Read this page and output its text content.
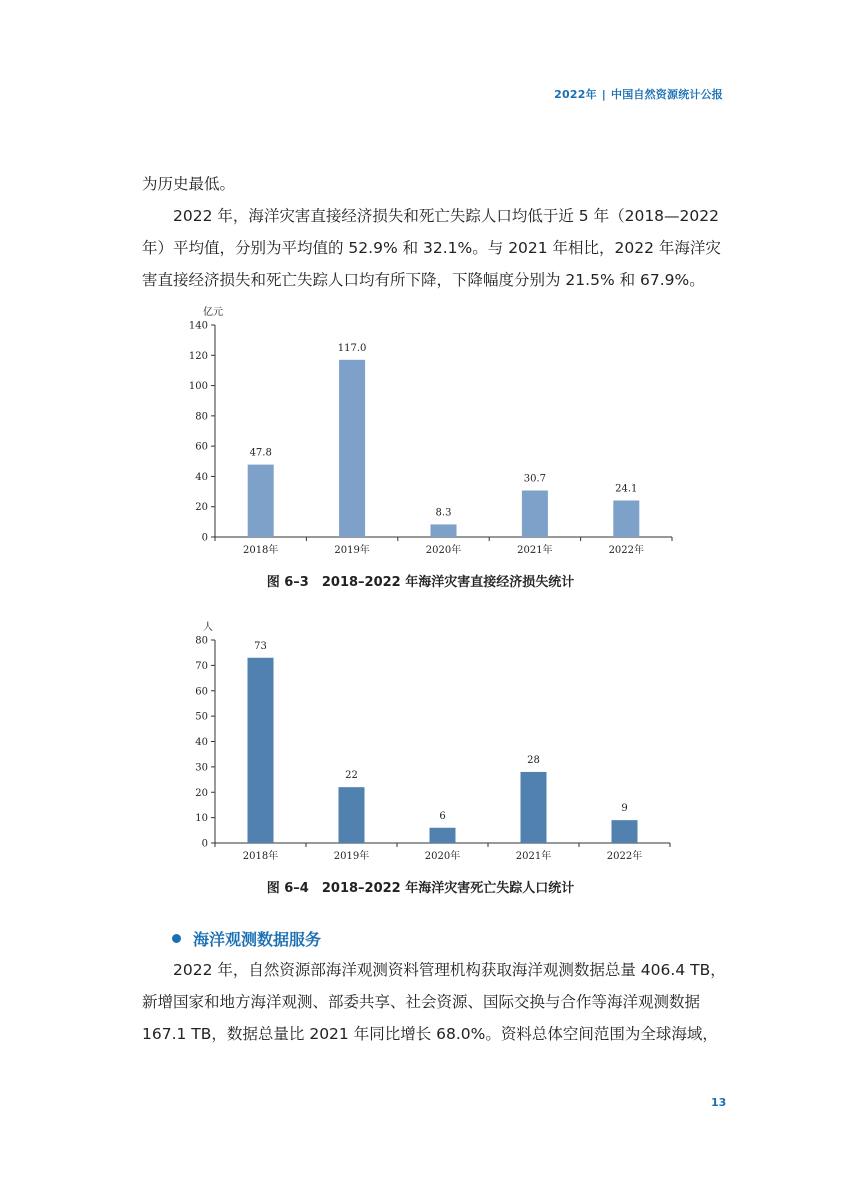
2022年 | 中国自然资源统计公报
为历史最低。
2022 年，海洋灾害直接经济损失和死亡失踪人口均低于近 5 年（2018—2022 年）平均值，分别为平均值的 52.9% 和 32.1%。与 2021 年相比，2022 年海洋灾害直接经济损失和死亡失踪人口均有所下降，下降幅度分别为 21.5% 和 67.9%。
亿元
0
20
40
60
80
100
120
140
47.8
2018年
117.0
2019年
8.3
2020年
30.7
2021年
24.1
2022年
图 6–3　2018–2022 年海洋灾害直接经济损失统计
人
0
10
20
30
40
50
60
70
80	73
2018年
22
2019年
6
2020年
28
2021年
9
2022年
图 6–4　2018–2022 年海洋灾害死亡失踪人口统计
海洋观测数据服务
2022 年，自然资源部海洋观测资料管理机构获取海洋观测数据总量 406.4 TB，新增国家和地方海洋观测、部委共享、社会资源、国际交换与合作等海洋观测数据 167.1 TB，数据总量比 2021 年同比增长 68.0%。资料总体空间范围为全球海域，
13
